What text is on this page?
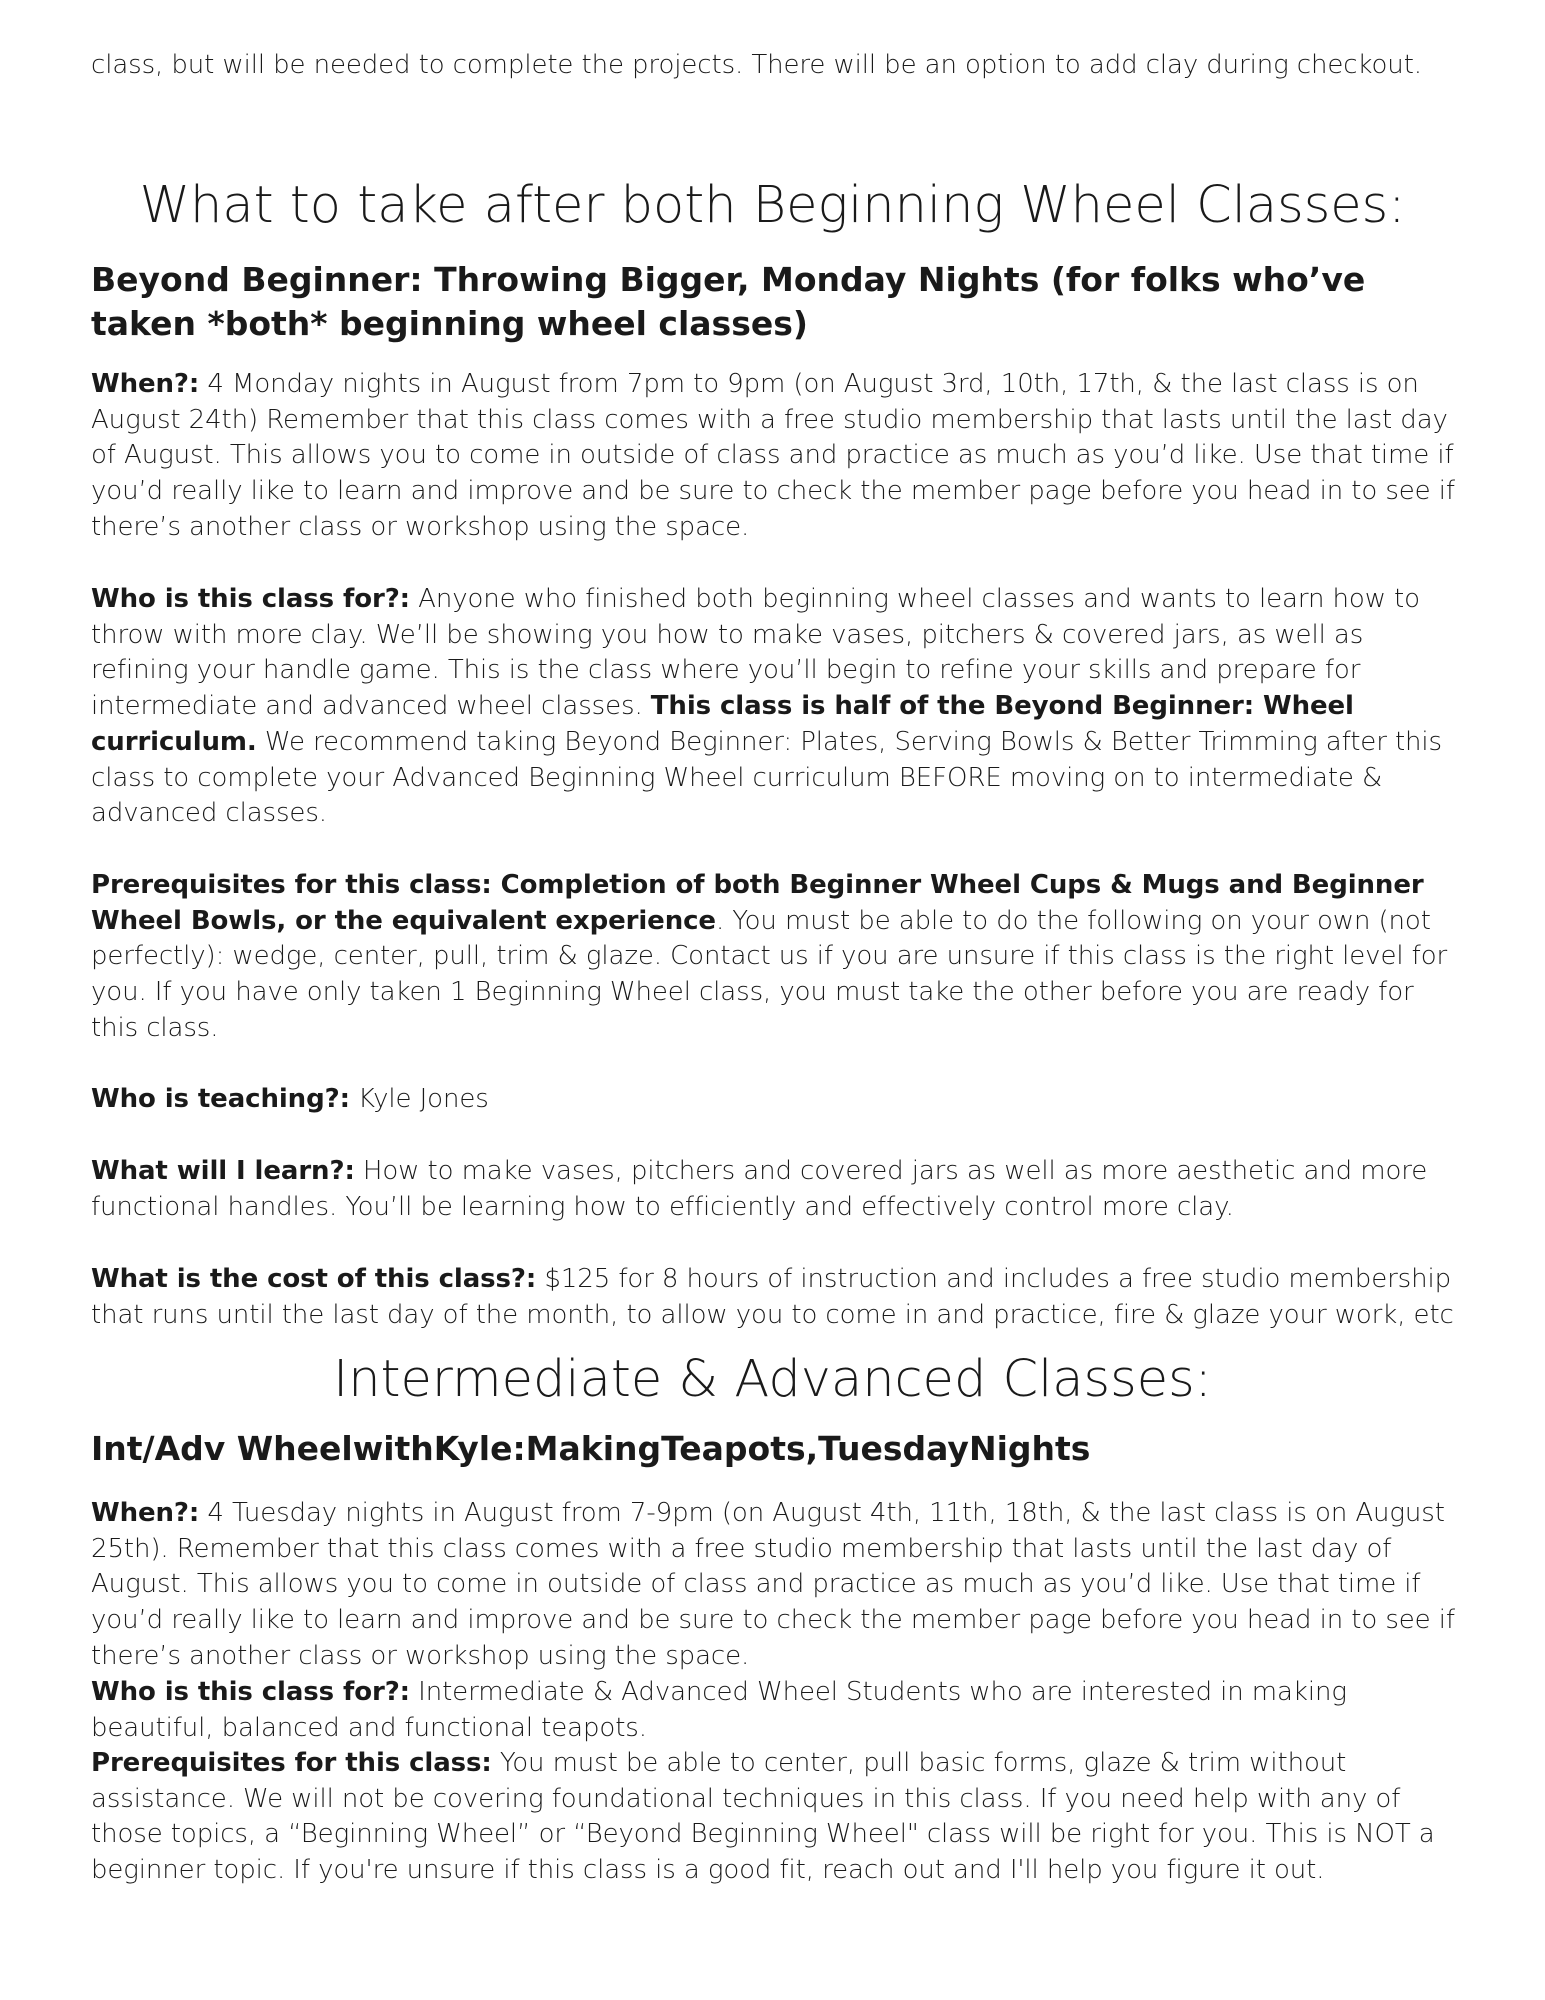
class, but will be needed to complete the projects. There will be an option to add clay during checkout.

What to take after both Beginning Wheel Classes:
Beyond Beginner: Throwing Bigger, Monday Nights (for folks who’ve taken *both* beginning wheel classes)

When?: 4 Monday nights in August from 7pm to 9pm (on August 3rd, 10th, 17th, & the last class is on August 24th) Remember that this class comes with a free studio membership that lasts until the last day of August. This allows you to come in outside of class and practice as much as you’d like. Use that time if you’d really like to learn and improve and be sure to check the member page before you head in to see if there’s another class or workshop using the space.

Who is this class for?: Anyone who finished both beginning wheel classes and wants to learn how to throw with more clay. We’ll be showing you how to make vases, pitchers & covered jars, as well as refining your handle game. This is the class where you’ll begin to refine your skills and prepare for intermediate and advanced wheel classes. This class is half of the Beyond Beginner: Wheel curriculum. We recommend taking Beyond Beginner: Plates, Serving Bowls & Better Trimming after this class to complete your Advanced Beginning Wheel curriculum BEFORE moving on to intermediate & advanced classes.

Prerequisites for this class: Completion of both Beginner Wheel Cups & Mugs and Beginner Wheel Bowls, or the equivalent experience. You must be able to do the following on your own (not perfectly): wedge, center, pull, trim & glaze. Contact us if you are unsure if this class is the right level for you. If you have only taken 1 Beginning Wheel class, you must take the other before you are ready for this class.

Who is teaching?: Kyle Jones

What will I learn?: How to make vases, pitchers and covered jars as well as more aesthetic and more functional handles. You’ll be learning how to efficiently and effectively control more clay.

What is the cost of this class?: $125 for 8 hours of instruction and includes a free studio membership that runs until the last day of the month, to allow you to come in and practice, fire & glaze your work, etc

Intermediate & Advanced Classes:
Int/Adv WheelwithKyle:MakingTeapots,TuesdayNights

When?: 4 Tuesday nights in August from 7-9pm (on August 4th, 11th, 18th, & the last class is on August 25th). Remember that this class comes with a free studio membership that lasts until the last day of August. This allows you to come in outside of class and practice as much as you’d like. Use that time if you’d really like to learn and improve and be sure to check the member page before you head in to see if there’s another class or workshop using the space.

Who is this class for?: Intermediate & Advanced Wheel Students who are interested in making beautiful, balanced and functional teapots.

Prerequisites for this class: You must be able to center, pull basic forms, glaze & trim without assistance. We will not be covering foundational techniques in this class. If you need help with any of those topics, a “Beginning Wheel” or “Beyond Beginning Wheel" class will be right for you. This is NOT a beginner topic. If you're unsure if this class is a good fit, reach out and I'll help you figure it out.
